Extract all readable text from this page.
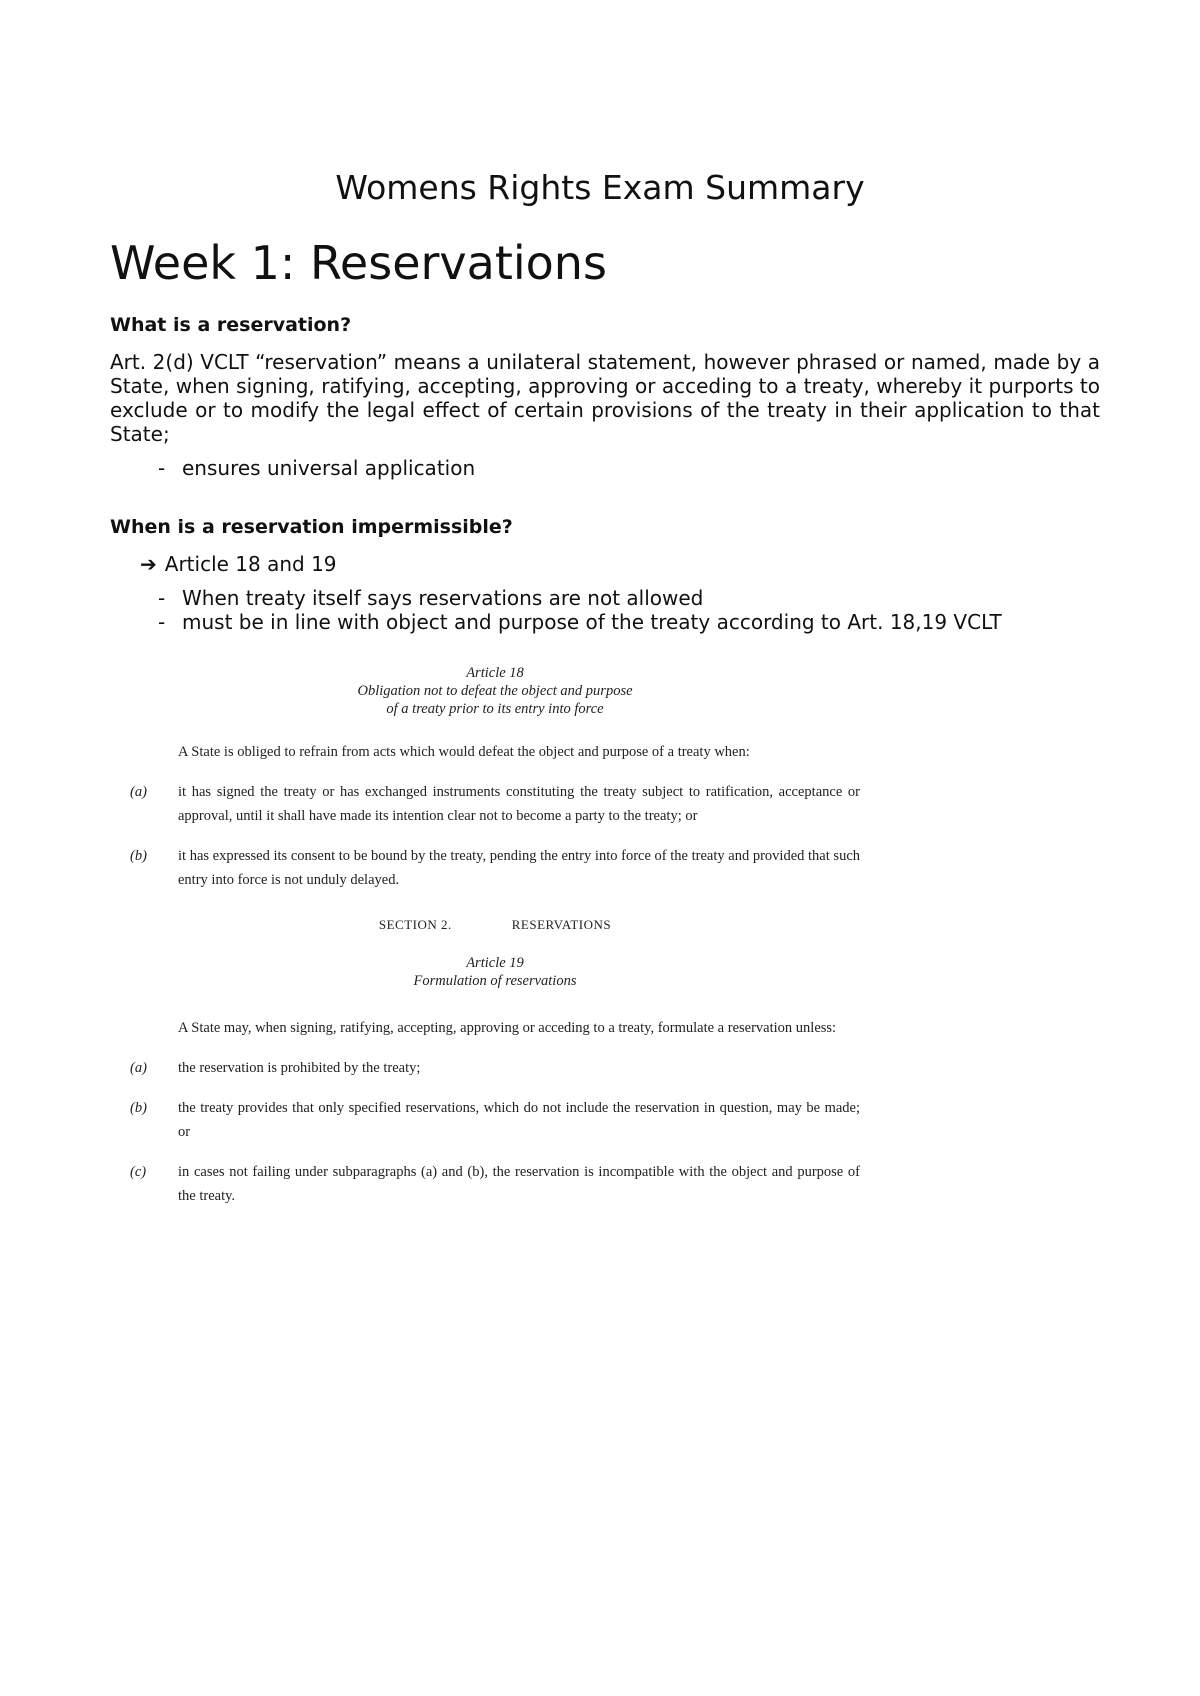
Womens Rights Exam Summary
Week 1: Reservations
What is a reservation?

Art. 2(d) VCLT “reservation” means a unilateral statement, however phrased or named, made by a State, when signing, ratifying, accepting, approving or acceding to a treaty, whereby it purports to exclude or to modify the legal effect of certain provisions of the treaty in their application to that State;

- ensures universal application
When is a reservation impermissible?
➔ Article 18 and 19
- When treaty itself says reservations are not allowed
- must be in line with object and purpose of the treaty according to Art. 18,19 VCLT
Article 18
Obligation not to defeat the object and purpose
of a treaty prior to its entry into force

A State is obliged to refrain from acts which would defeat the object and purpose of a treaty when:

(a)	it has signed the treaty or has exchanged instruments constituting the treaty subject to ratification, acceptance or approval, until it shall have made its intention clear not to become a party to the treaty; or
(b)	it has expressed its consent to be bound by the treaty, pending the entry into force of the treaty and provided that such entry into force is not unduly delayed.
SECTION 2.	RESERVATIONS
Article 19
Formulation of reservations

A State may, when signing, ratifying, accepting, approving or acceding to a treaty, formulate a reservation unless:

(a)	the reservation is prohibited by the treaty;
(b)	the treaty provides that only specified reservations, which do not include the reservation in question, may be made; or
(c)	in cases not failing under subparagraphs (a) and (b), the reservation is incompatible with the object and purpose of the treaty.
